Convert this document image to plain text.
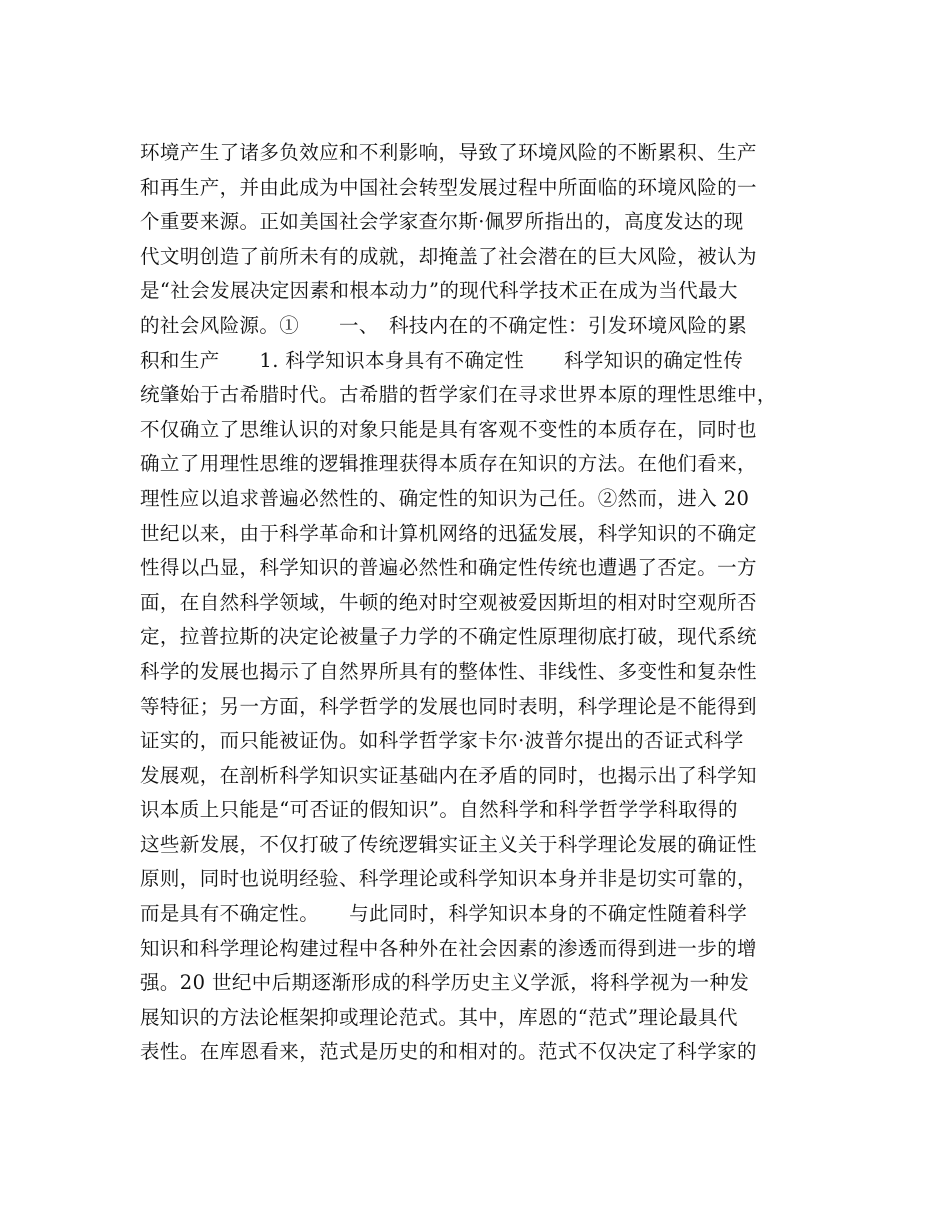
环境产生了诸多负效应和不利影响，导致了环境风险的不断累积、生产
和再生产，并由此成为中国社会转型发展过程中所面临的环境风险的一
个重要来源。正如美国社会学家查尔斯·佩罗所指出的，高度发达的现
代文明创造了前所未有的成就，却掩盖了社会潜在的巨大风险，被认为
是“社会发展决定因素和根本动力”的现代科学技术正在成为当代最大
的社会风险源。①　　一、　科技内在的不确定性：引发环境风险的累
积和生产　　1. 科学知识本身具有不确定性　　科学知识的确定性传
统肇始于古希腊时代。古希腊的哲学家们在寻求世界本原的理性思维中，
不仅确立了思维认识的对象只能是具有客观不变性的本质存在，同时也
确立了用理性思维的逻辑推理获得本质存在知识的方法。在他们看来，
理性应以追求普遍必然性的、确定性的知识为己任。②然而，进入 20
世纪以来，由于科学革命和计算机网络的迅猛发展，科学知识的不确定
性得以凸显，科学知识的普遍必然性和确定性传统也遭遇了否定。一方
面，在自然科学领域，牛顿的绝对时空观被爱因斯坦的相对时空观所否
定，拉普拉斯的决定论被量子力学的不确定性原理彻底打破，现代系统
科学的发展也揭示了自然界所具有的整体性、非线性、多变性和复杂性
等特征；另一方面，科学哲学的发展也同时表明，科学理论是不能得到
证实的，而只能被证伪。如科学哲学家卡尔·波普尔提出的否证式科学
发展观，在剖析科学知识实证基础内在矛盾的同时，也揭示出了科学知
识本质上只能是“可否证的假知识”。自然科学和科学哲学学科取得的
这些新发展，不仅打破了传统逻辑实证主义关于科学理论发展的确证性
原则，同时也说明经验、科学理论或科学知识本身并非是切实可靠的，
而是具有不确定性。　　与此同时，科学知识本身的不确定性随着科学
知识和科学理论构建过程中各种外在社会因素的渗透而得到进一步的增
强。20 世纪中后期逐渐形成的科学历史主义学派，将科学视为一种发
展知识的方法论框架抑或理论范式。其中，库恩的“范式”理论最具代
表性。在库恩看来，范式是历史的和相对的。范式不仅决定了科学家的
